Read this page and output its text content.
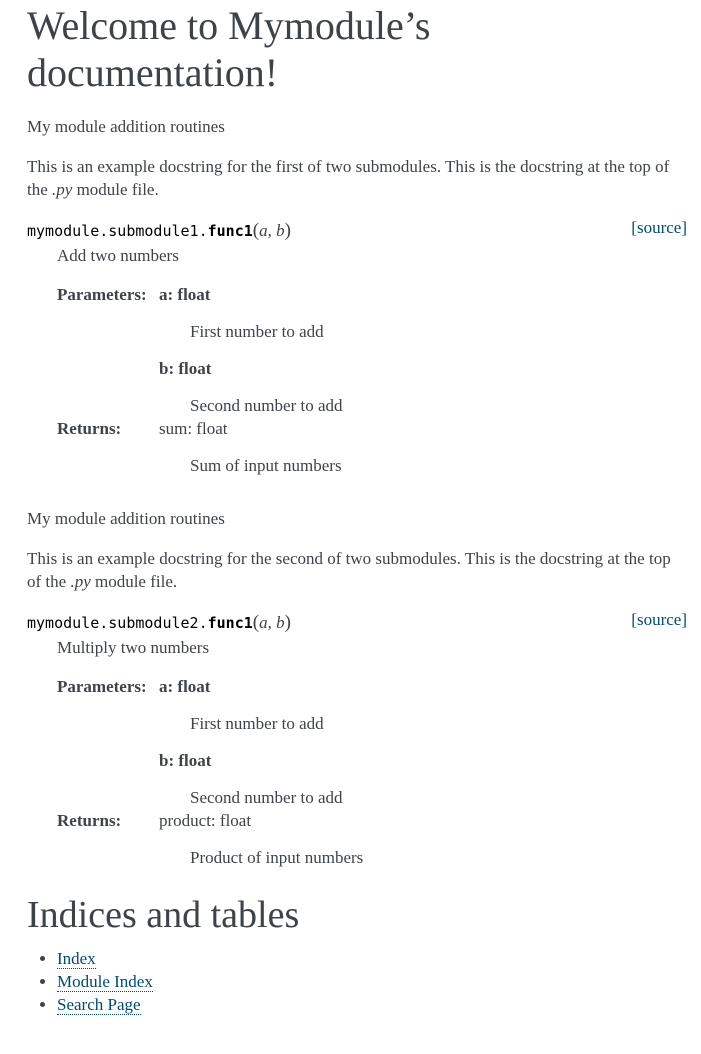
Welcome to Mymodule’s documentation!

My module addition routines

This is an example docstring for the first of two submodules. This is the docstring at the top of the .py module file.

mymodule.submodule1.func1(a, b)	[source]

Add two numbers

Parameters: a: float
First number to add
b: float
Second number to add
Returns: sum: float
Sum of input numbers

My module addition routines

This is an example docstring for the second of two submodules. This is the docstring at the top of the .py module file.

mymodule.submodule2.func1(a, b)	[source]

Multiply two numbers

Parameters: a: float
First number to add
b: float
Second number to add
Returns: product: float
Product of input numbers
Indices and tables
• Index
• Module Index
• Search Page
